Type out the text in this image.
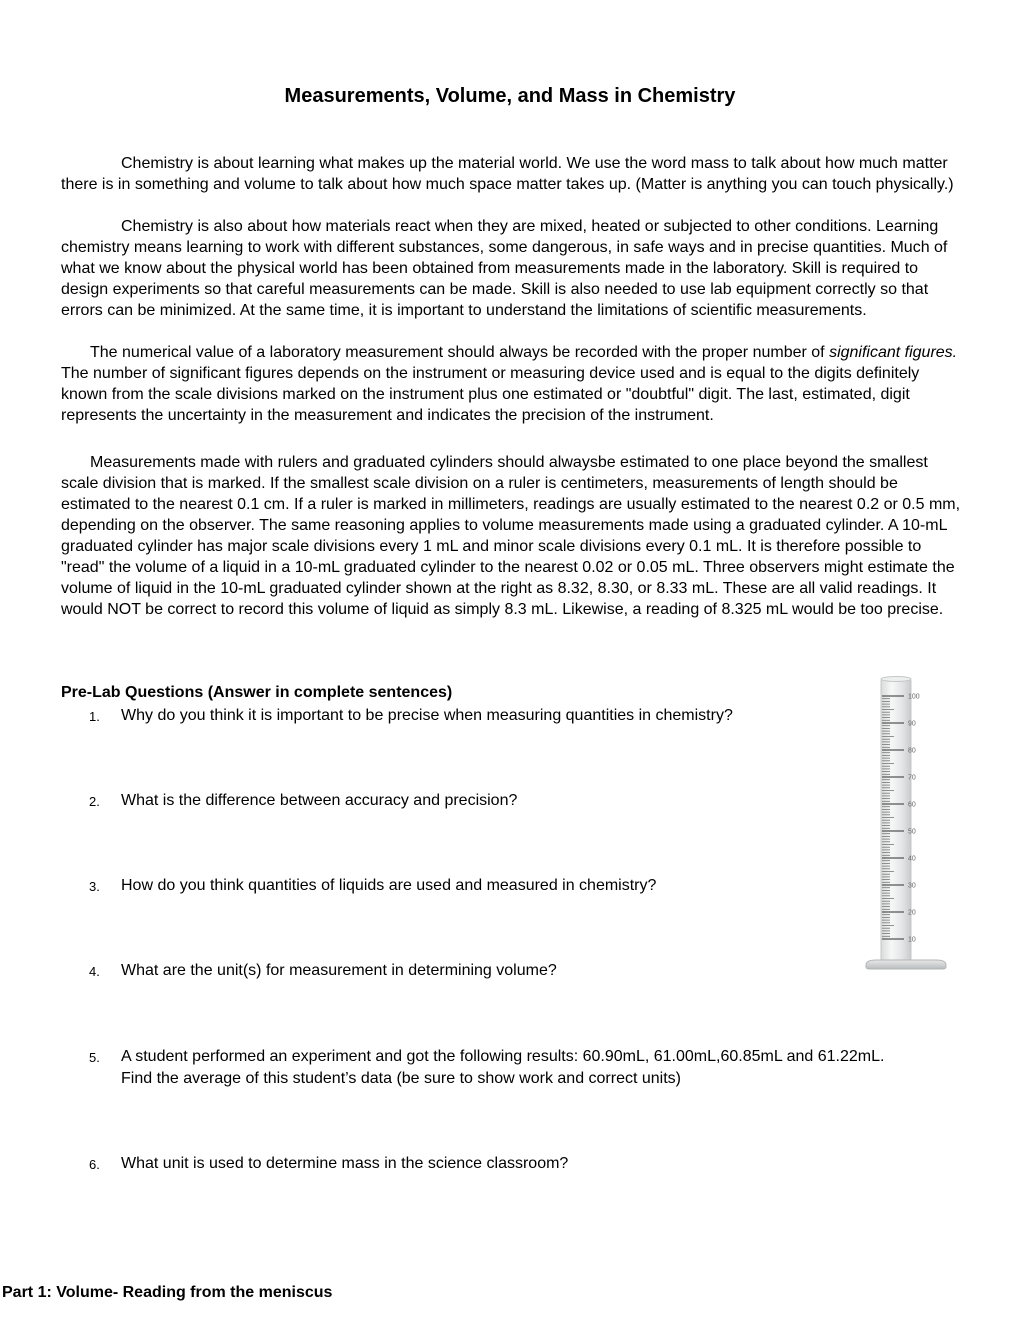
Measurements, Volume, and Mass in Chemistry
Chemistry is about learning what makes up the material world. We use the word mass to talk about how much matter there is in something and volume to talk about how much space matter takes up. (Matter is anything you can touch physically.)
Chemistry is also about how materials react when they are mixed, heated or subjected to other conditions. Learning chemistry means learning to work with different substances, some dangerous, in safe ways and in precise quantities. Much of what we know about the physical world has been obtained from measurements made in the laboratory. Skill is required to design experiments so that careful measurements can be made. Skill is also needed to use lab equipment correctly so that errors can be minimized. At the same time, it is important to understand the limitations of scientific measurements.
The numerical value of a laboratory measurement should always be recorded with the proper number of significant figures. The number of significant figures depends on the instrument or measuring device used and is equal to the digits definitely known from the scale divisions marked on the instrument plus one estimated or "doubtful" digit. The last, estimated, digit represents the uncertainty in the measurement and indicates the precision of the instrument.
Measurements made with rulers and graduated cylinders should alwaysbe estimated to one place beyond the smallest scale division that is marked. If the smallest scale division on a ruler is centimeters, measurements of length should be estimated to the nearest 0.1 cm. If a ruler is marked in millimeters, readings are usually estimated to the nearest 0.2 or 0.5 mm, depending on the observer. The same reasoning applies to volume measurements made using a graduated cylinder. A 10-mL graduated cylinder has major scale divisions every 1 mL and minor scale divisions every 0.1 mL. It is therefore possible to "read" the volume of a liquid in a 10-mL graduated cylinder to the nearest 0.02 or 0.05 mL. Three observers might estimate the volume of liquid in the 10-mL graduated cylinder shown at the right as 8.32, 8.30, or 8.33 mL. These are all valid readings. It would NOT be correct to record this volume of liquid as simply 8.3 mL. Likewise, a reading of 8.325 mL would be too precise.
Pre-Lab Questions (Answer in complete sentences)
1. Why do you think it is important to be precise when measuring quantities in chemistry?
2. What is the difference between accuracy and precision?
3. How do you think quantities of liquids are used and measured in chemistry?
4. What are the unit(s) for measurement in determining volume?
5. A student performed an experiment and got the following results: 60.90mL, 61.00mL,60.85mL and 61.22mL. Find the average of this student’s data (be sure to show work and correct units)
6. What unit is used to determine mass in the science classroom?
Part 1: Volume- Reading from the meniscus
100
90
80
70
60
50
40
30
20
10
